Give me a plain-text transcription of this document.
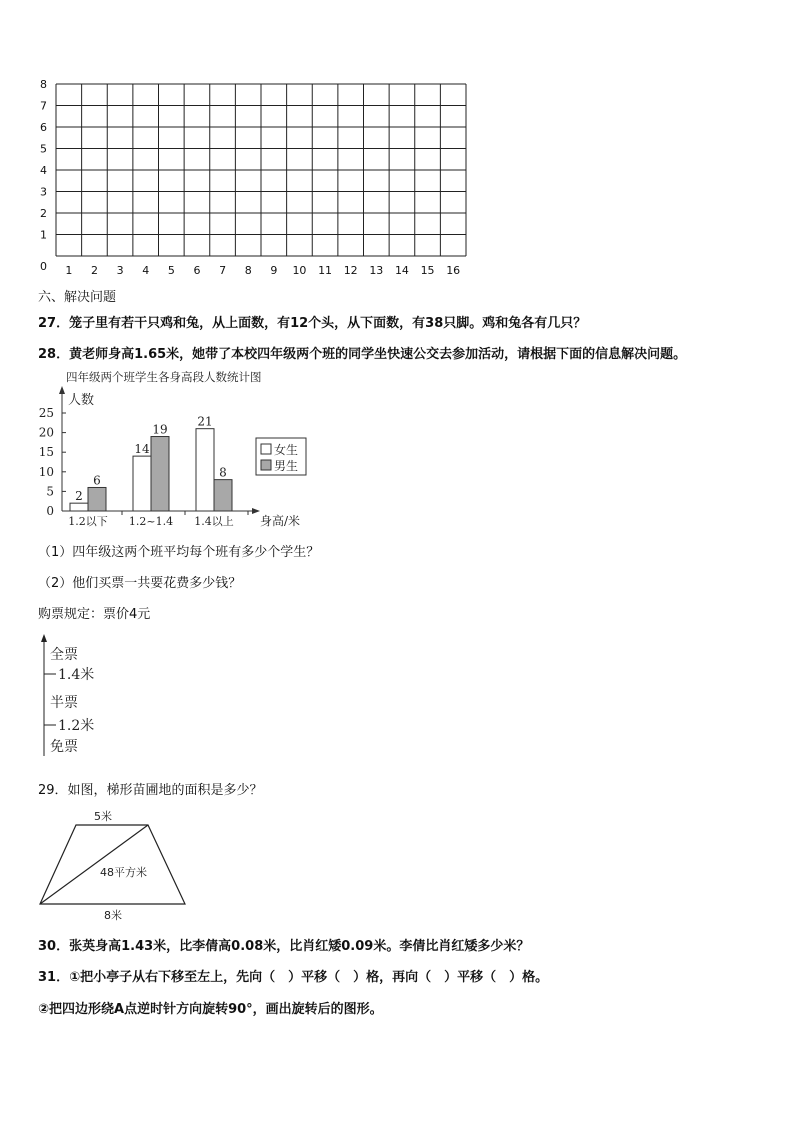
0
1
2
3
4
5
6
7
8
1 2 3 4 5 6 7 8 9 10 11 12 13 14 15 16
六、解决问题
27．笼子里有若干只鸡和兔，从上面数，有12个头，从下面数，有38只脚。鸡和兔各有几只？
28．黄老师身高1.65米，她带了本校四年级两个班的同学坐快速公交去参加活动，请根据下面的信息解决问题。
四年级两个班学生各身高段人数统计图
人数
身高/米
0
5
10
15
20
25
2
6
14
19
21
8
1.2以下 1.2~1.4 1.4以上
女生
男生
（1）四年级这两个班平均每个班有多少个学生？
（2）他们买票一共要花费多少钱？
购票规定：票价4元
全票
1.4米
半票
1.2米
免票
29．如图，梯形苗圃地的面积是多少？
5米
48平方米
8米
30．张英身高1.43米，比李倩高0.08米，比肖红矮0.09米。李倩比肖红矮多少米？
31．①把小亭子从右下移至左上，先向（　）平移（　）格，再向（　）平移（　）格。
②把四边形绕A点逆时针方向旋转90°，画出旋转后的图形。
